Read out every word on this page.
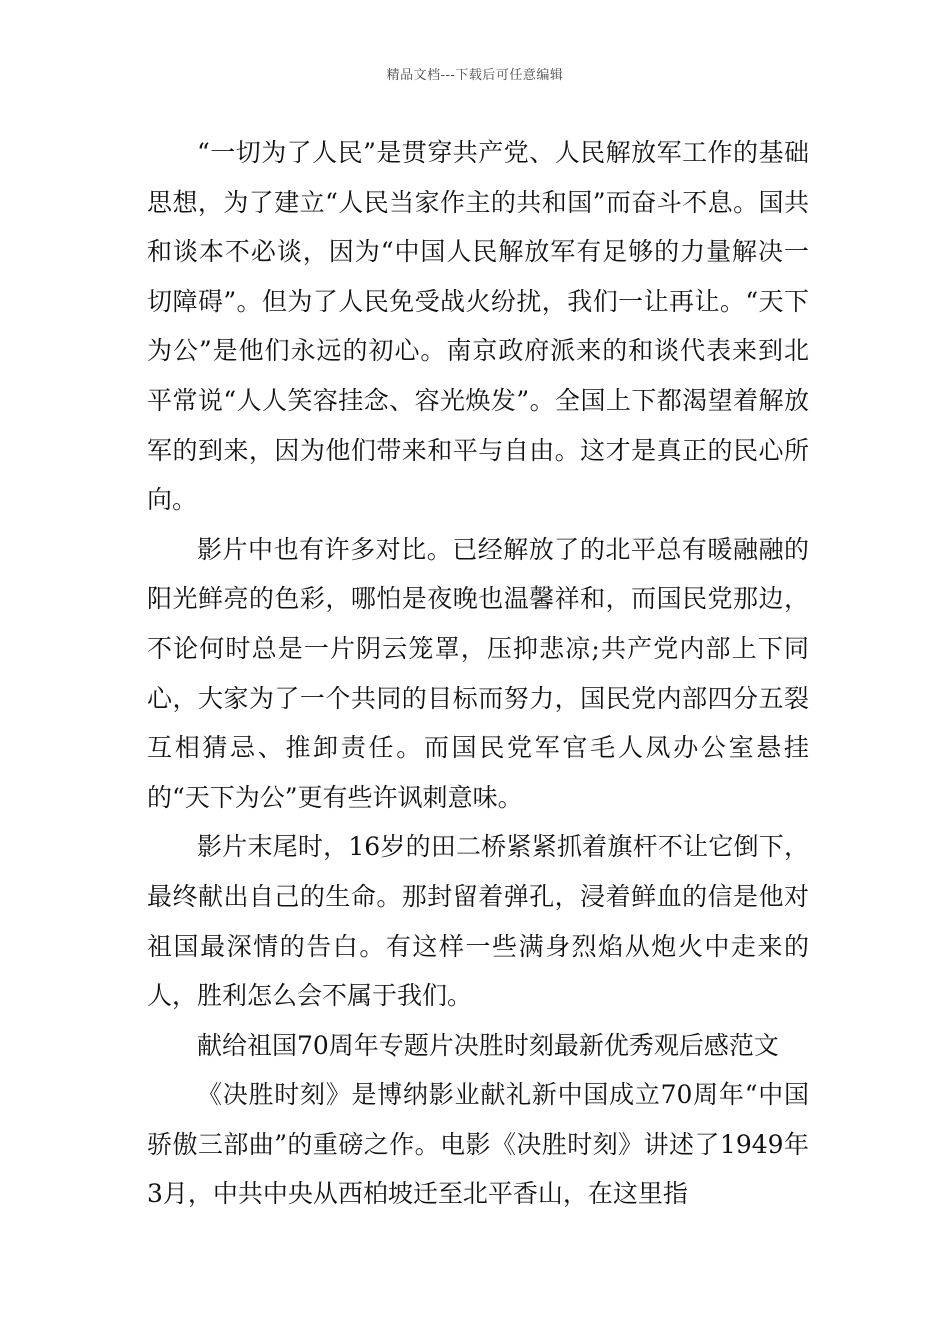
精品文档---下载后可任意编辑

“一切为了人民”是贯穿共产党、人民解放军工作的基础思想，为了建立“人民当家作主的共和国”而奋斗不息。国共和谈本不必谈，因为“中国人民解放军有足够的力量解决一切障碍”。但为了人民免受战火纷扰，我们一让再让。“天下为公”是他们永远的初心。南京政府派来的和谈代表来到北平常说“人人笑容挂念、容光焕发”。全国上下都渴望着解放军的到来，因为他们带来和平与自由。这才是真正的民心所向。

影片中也有许多对比。已经解放了的北平总有暖融融的阳光鲜亮的色彩，哪怕是夜晚也温馨祥和，而国民党那边，不论何时总是一片阴云笼罩，压抑悲凉;共产党内部上下同心，大家为了一个共同的目标而努力，国民党内部四分五裂互相猜忌、推卸责任。而国民党军官毛人凤办公室悬挂的“天下为公”更有些许讽刺意味。

影片末尾时，16岁的田二桥紧紧抓着旗杆不让它倒下，最终献出自己的生命。那封留着弹孔，浸着鲜血的信是他对祖国最深情的告白。有这样一些满身烈焰从炮火中走来的人，胜利怎么会不属于我们。

献给祖国70周年专题片决胜时刻最新优秀观后感范文

《决胜时刻》是博纳影业献礼新中国成立70周年“中国骄傲三部曲”的重磅之作。电影《决胜时刻》讲述了1949年3月，中共中央从西柏坡迁至北平香山，在这里指
